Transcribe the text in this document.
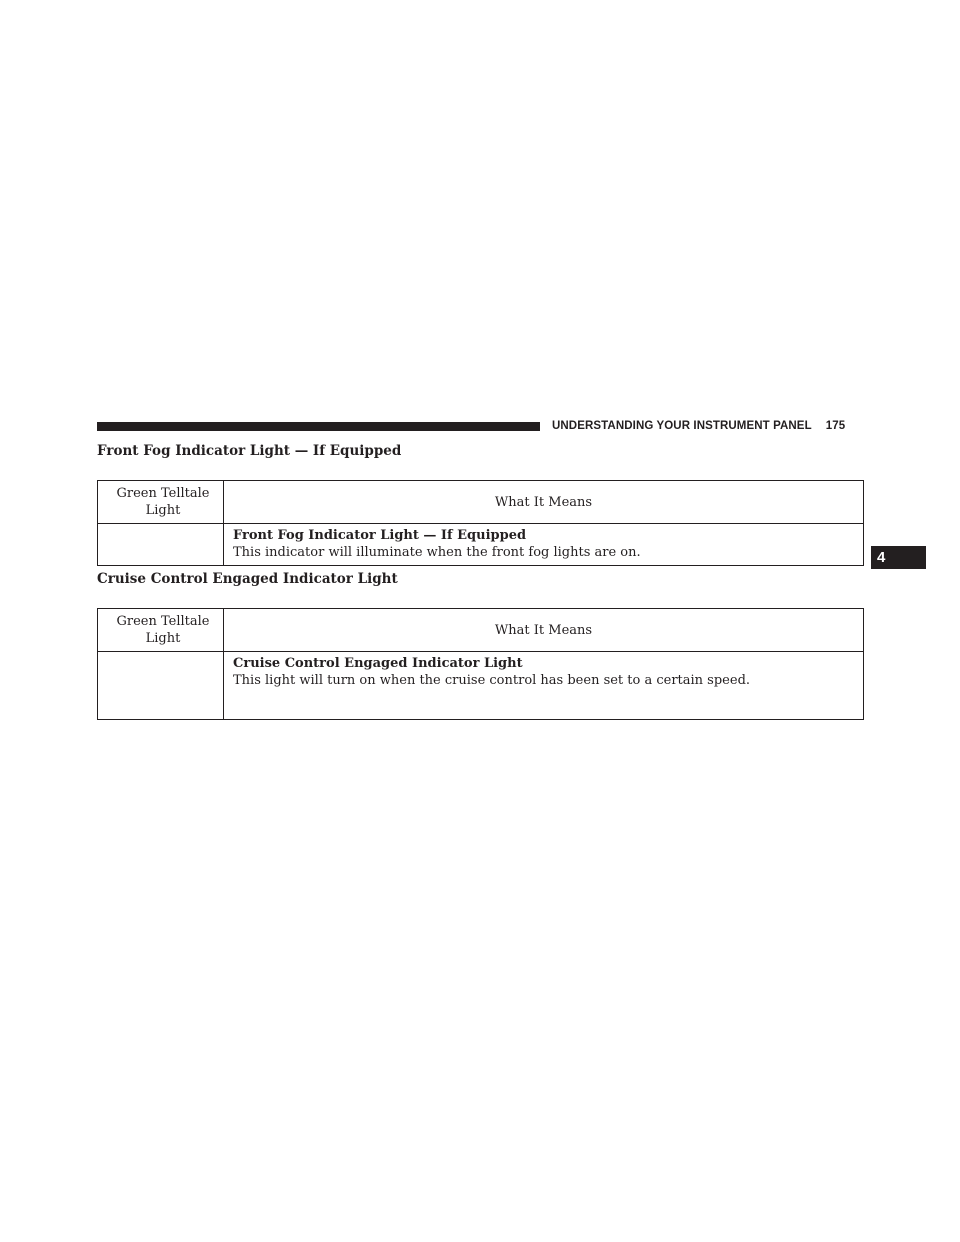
UNDERSTANDING YOUR INSTRUMENT PANEL 175
4
Front Fog Indicator Light — If Equipped
Green Telltale
Light	What It Means

	Front Fog Indicator Light — If Equipped
This indicator will illuminate when the front fog lights are on.
Cruise Control Engaged Indicator Light
Green Telltale
Light	What It Means

	Cruise Control Engaged Indicator Light
This light will turn on when the cruise control has been set to a certain speed.
